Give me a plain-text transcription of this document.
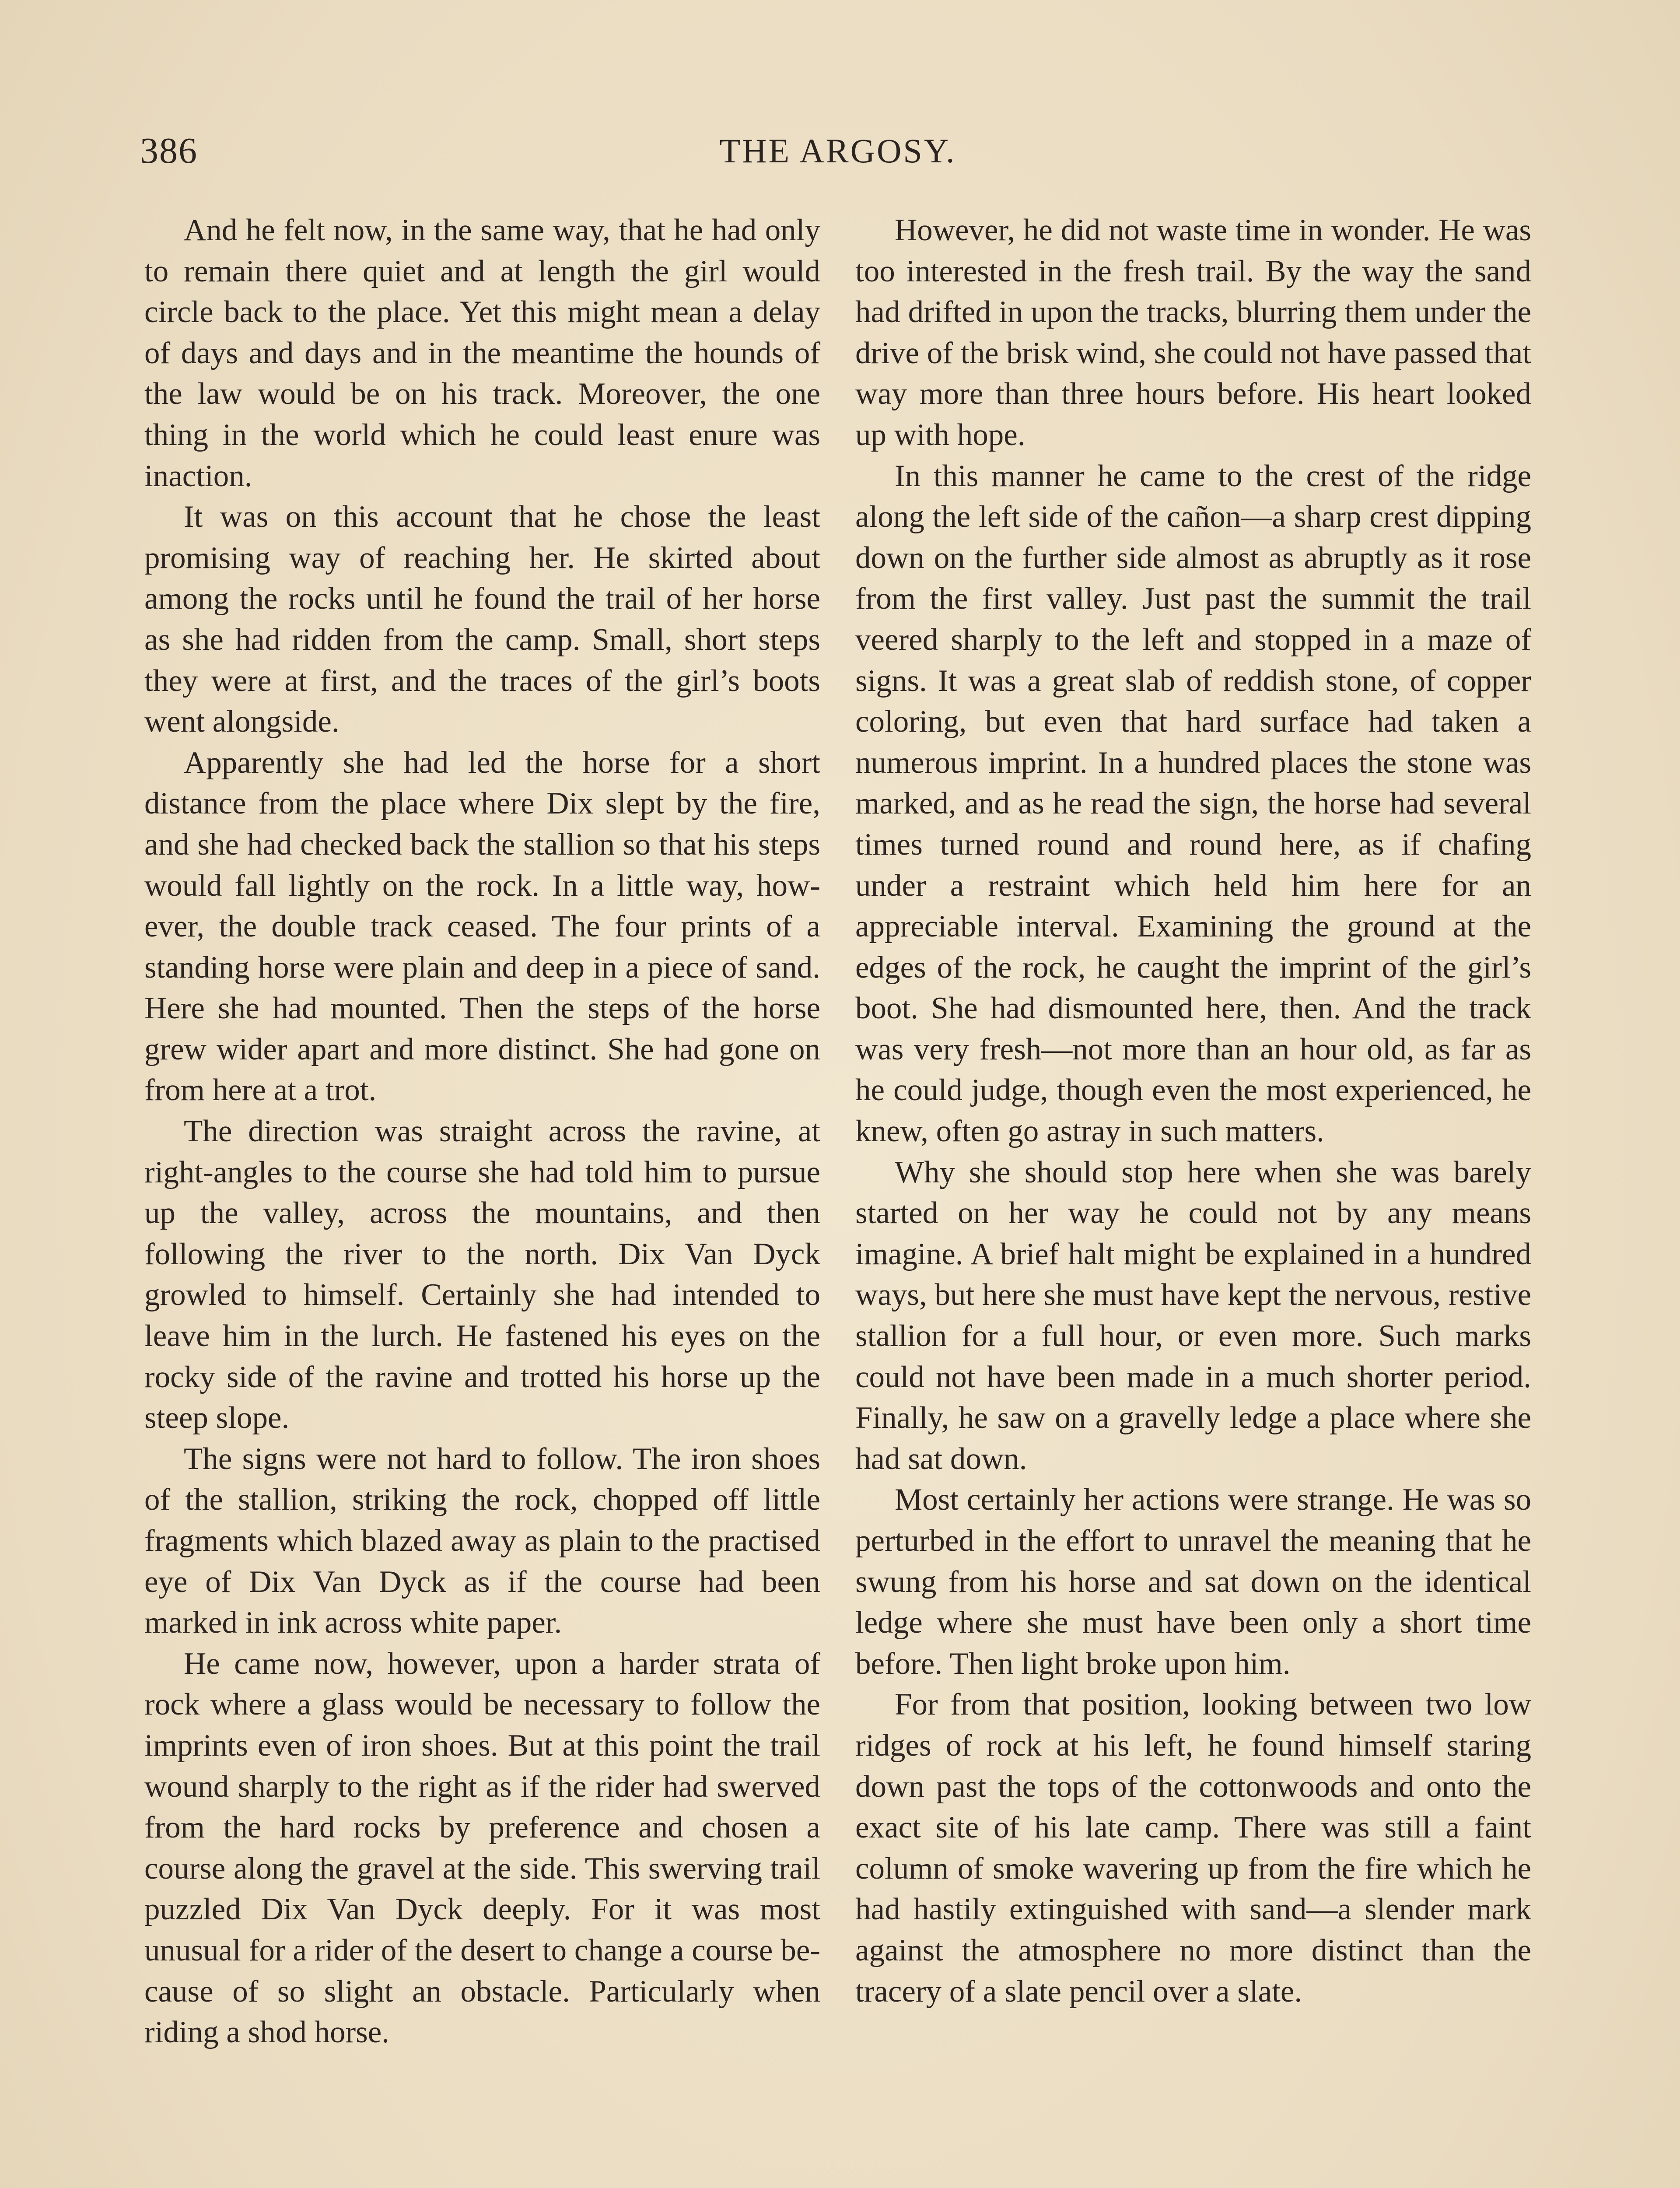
386	THE ARGOSY.

And he felt now, in the same way, that he had only to remain there quiet and at length the girl would circle back to the place. Yet this might mean a delay of days and days and in the meantime the hounds of the law would be on his track. Moreover, the one thing in the world which he could least enure was inaction.

It was on this account that he chose the least promising way of reaching her. He skirted about among the rocks until he found the trail of her horse as she had ridden from the camp. Small, short steps they were at first, and the traces of the girl’s boots went alongside.

Apparently she had led the horse for a short distance from the place where Dix slept by the fire, and she had checked back the stallion so that his steps would fall lightly on the rock. In a little way, however, the double track ceased. The four prints of a standing horse were plain and deep in a piece of sand. Here she had mounted. Then the steps of the horse grew wider apart and more distinct. She had gone on from here at a trot.

The direction was straight across the ravine, at right-angles to the course she had told him to pursue up the valley, across the mountains, and then following the river to the north. Dix Van Dyck growled to himself. Certainly she had intended to leave him in the lurch. He fastened his eyes on the rocky side of the ravine and trotted his horse up the steep slope.

The signs were not hard to follow. The iron shoes of the stallion, striking the rock, chopped off little fragments which blazed away as plain to the practised eye of Dix Van Dyck as if the course had been marked in ink across white paper.

He came now, however, upon a harder strata of rock where a glass would be necessary to follow the imprints even of iron shoes. But at this point the trail wound sharply to the right as if the rider had swerved from the hard rocks by preference and chosen a course along the gravel at the side. This swerving trail puzzled Dix Van Dyck deeply. For it was most unusual for a rider of the desert to change a course because of so slight an obstacle. Particularly when riding a shod horse.

However, he did not waste time in wonder. He was too interested in the fresh trail. By the way the sand had drifted in upon the tracks, blurring them under the drive of the brisk wind, she could not have passed that way more than three hours before. His heart looked up with hope.

In this manner he came to the crest of the ridge along the left side of the cañon—a sharp crest dipping down on the further side almost as abruptly as it rose from the first valley. Just past the summit the trail veered sharply to the left and stopped in a maze of signs. It was a great slab of reddish stone, of copper coloring, but even that hard surface had taken a numerous imprint. In a hundred places the stone was marked, and as he read the sign, the horse had several times turned round and round here, as if chafing under a restraint which held him here for an appreciable interval. Examining the ground at the edges of the rock, he caught the imprint of the girl’s boot. She had dismounted here, then. And the track was very fresh—not more than an hour old, as far as he could judge, though even the most experienced, he knew, often go astray in such matters.

Why she should stop here when she was barely started on her way he could not by any means imagine. A brief halt might be explained in a hundred ways, but here she must have kept the nervous, restive stallion for a full hour, or even more. Such marks could not have been made in a much shorter period. Finally, he saw on a gravelly ledge a place where she had sat down.

Most certainly her actions were strange. He was so perturbed in the effort to unravel the meaning that he swung from his horse and sat down on the identical ledge where she must have been only a short time before. Then light broke upon him.

For from that position, looking between two low ridges of rock at his left, he found himself staring down past the tops of the cottonwoods and onto the exact site of his late camp. There was still a faint column of smoke wavering up from the fire which he had hastily extinguished with sand—a slender mark against the atmosphere no more distinct than the tracery of a slate pencil over a slate.
